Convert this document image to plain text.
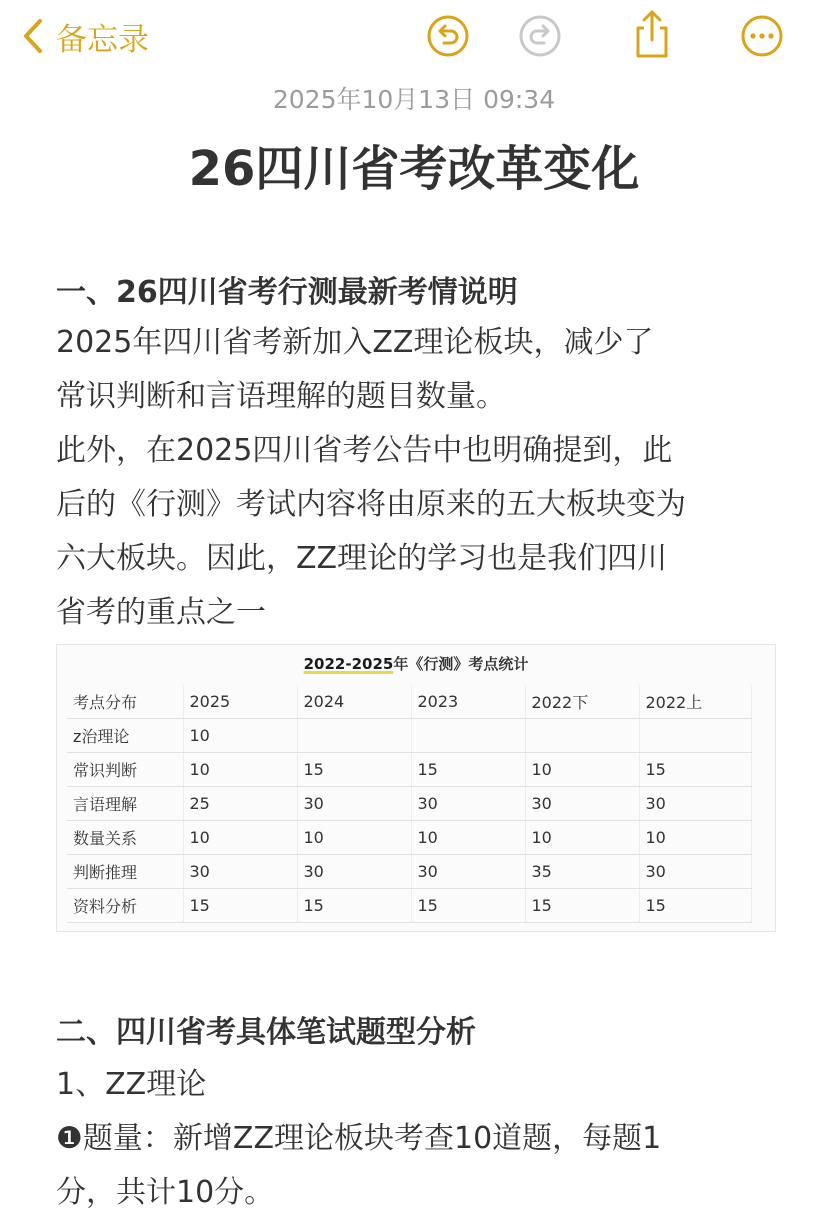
备忘录
2025年10月13日 09:34
26四川省考改革变化
一、26四川省考行测最新考情说明
2025年四川省考新加入ZZ理论板块，减少了
常识判断和言语理解的题目数量。
此外，在2025四川省考公告中也明确提到，此
后的《行测》考试内容将由原来的五大板块变为
六大板块。因此，ZZ理论的学习也是我们四川
省考的重点之一
2022-2025年《行测》考点统计
考点分布	2025	2024	2023	2022下	2022上
z治理论	10				
常识判断	10	15	15	10	15
言语理解	25	30	30	30	30
数量关系	10	10	10	10	10
判断推理	30	30	30	35	30
资料分析	15	15	15	15	15
二、四川省考具体笔试题型分析
1、ZZ理论
❶题量：新增ZZ理论板块考查10道题，每题1
分，共计10分。
